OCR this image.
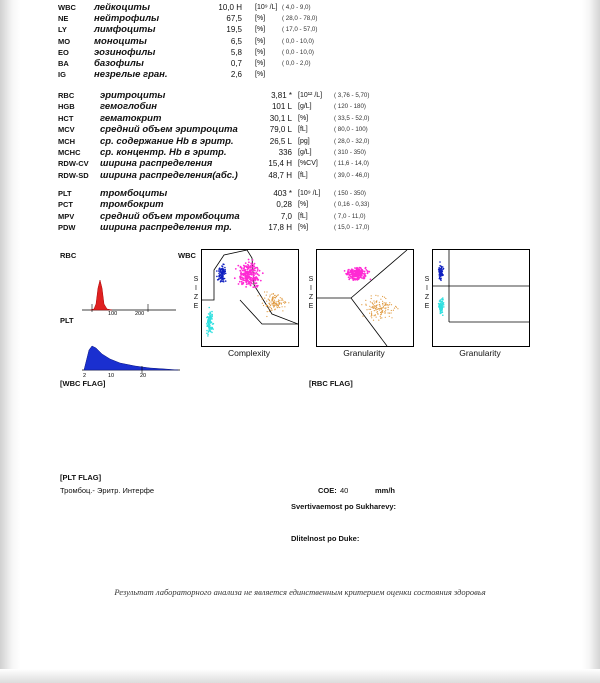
WBC лейкоциты	10,0 H [10⁹ /L] ( 4,0 - 9,0)
NE	нейтрофилы	67,5 [%]	( 28,0 - 78,0)
LY	лимфоциты	19,5 [%]	( 17,0 - 57,0)
MO	моноциты	6,5 [%]	( 0,0 - 10,0)
EO	эозинофилы	5,8 [%]	( 0,0 - 10,0)
BA	базофилы	0,7 [%]	( 0,0 - 2,0)
IG	незрелые гран.	2,6 [%]
RBC	эритроциты	3,81 * [10¹² /L] ( 3,76 - 5,70)
HGB	гемоглобин	101 L [g/L]	( 120 - 180)
HCT	гематокрит	30,1 L [%]	( 33,5 - 52,0)
MCV	средний объем эритроцита	79,0 L [fL]	( 80,0 - 100)
MCH	ср. содержание Hb в эритр.	26,5 L [pg]	( 28,0 - 32,0)
MCHC ср. концентр. Hb в эритр.	336 [g/L]	( 310 - 350)
RDW-CV ширина распределения	15,4 H [%CV]	( 11,6 - 14,0)
RDW-SD ширина распределения(абс.)	48,7 H [fL]	( 39,0 - 46,0)
PLT	тромбоциты	403 * [10⁹ /L] ( 150 - 350)
PCT	тромбокрит	0,28 [%]	( 0,16 - 0,33)
MPV	средний объем тромбоцита	7,0 [fL]	( 7,0 - 11,0)
PDW	ширина распределения тр.	17,8 H [%]	( 15,0 - 17,0)
RBC
PLT
100	200
2	10	20
WBC
S
I
Z
E
S
I
Z
E
S
I
Z
E
Complexity	Granularity	Granularity
[WBC FLAG]	[RBC FLAG]
[PLT FLAG]
Тромбоц.- Эритр. Интерфе	COE: 40	mm/h
Svertivaemost po Sukharevy:
Dlitelnost po Duke:
Результат лабораторного анализа не является единственным критерием оценки состояния здоровья
